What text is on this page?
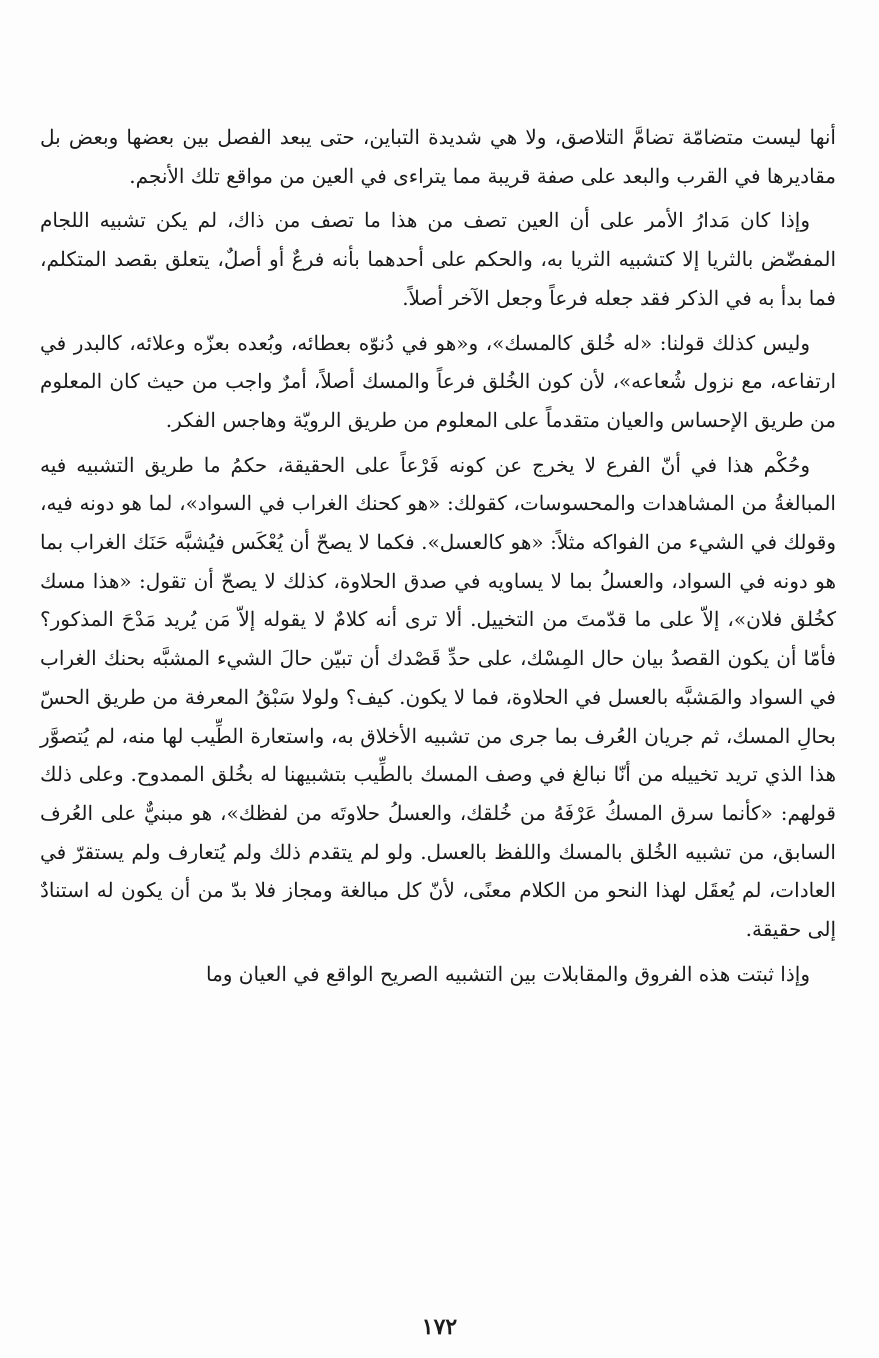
أنها ليست متضامّة تضامَّ التلاصق، ولا هي شديدة التباين، حتى يبعد الفصل بين بعضها وبعض بل مقاديرها في القرب والبعد على صفة قريبة مما يتراءى في العين من مواقع تلك الأنجم.

وإذا كان مَدارُ الأمر على أن العين تصف من هذا ما تصف من ذاك، لم يكن تشبيه اللجام المفضّض بالثريا إلا كتشبيه الثريا به، والحكم على أحدهما بأنه فرعٌ أو أصلٌ، يتعلق بقصد المتكلم، فما بدأ به في الذكر فقد جعله فرعاً وجعل الآخر أصلاً.

وليس كذلك قولنا: «له خُلق كالمسك»، و«هو في دُنوّه بعطائه، وبُعده بعزّه وعلائه، كالبدر في ارتفاعه، مع نزول شُعاعه»، لأن كون الخُلق فرعاً والمسك أصلاً، أمرٌ واجب من حيث كان المعلوم من طريق الإحساس والعيان متقدماً على المعلوم من طريق الرويّة وهاجس الفكر.

وحُكْم هذا في أنّ الفرع لا يخرج عن كونه فَرْعاً على الحقيقة، حكمُ ما طريق التشبيه فيه المبالغةُ من المشاهدات والمحسوسات، كقولك: «هو كحنك الغراب في السواد»، لما هو دونه فيه، وقولك في الشيء من الفواكه مثلاً: «هو كالعسل». فكما لا يصحّ أن يُعْكَس فيُشبَّه حَنَك الغراب بما هو دونه في السواد، والعسلُ بما لا يساويه في صدق الحلاوة، كذلك لا يصحّ أن تقول: «هذا مسك كخُلق فلان»، إلاّ على ما قدّمتَ من التخييل. ألا ترى أنه كلامٌ لا يقوله إلاّ مَن يُريد مَدْحَ المذكور؟ فأمّا أن يكون القصدُ بيان حال المِسْك، على حدِّ قَصْدك أن تبيّن حالَ الشيء المشبَّه بحنك الغراب في السواد والمَشبَّه بالعسل في الحلاوة، فما لا يكون. كيف؟ ولولا سَبْقُ المعرفة من طريق الحسّ بحالِ المسك، ثم جريان العُرف بما جرى من تشبيه الأخلاق به، واستعارة الطِّيب لها منه، لم يُتصوَّر هذا الذي تريد تخييله من أنّا نبالغ في وصف المسك بالطِّيب بتشبيهنا له بخُلق الممدوح. وعلى ذلك قولهم: «كأنما سرق المسكُ عَرْفَهُ من خُلقك، والعسلُ حلاوتَه من لفظك»، هو مبنيٌّ على العُرف السابق، من تشبيه الخُلق بالمسك واللفظ بالعسل. ولو لم يتقدم ذلك ولم يُتعارف ولم يستقرّ في العادات، لم يُعقَل لهذا النحو من الكلام معنًى، لأنّ كل مبالغة ومجاز فلا بدّ من أن يكون له استنادٌ إلى حقيقة.

وإذا ثبتت هذه الفروق والمقابلات بين التشبيه الصريح الواقع في العيان وما

١٧٢
